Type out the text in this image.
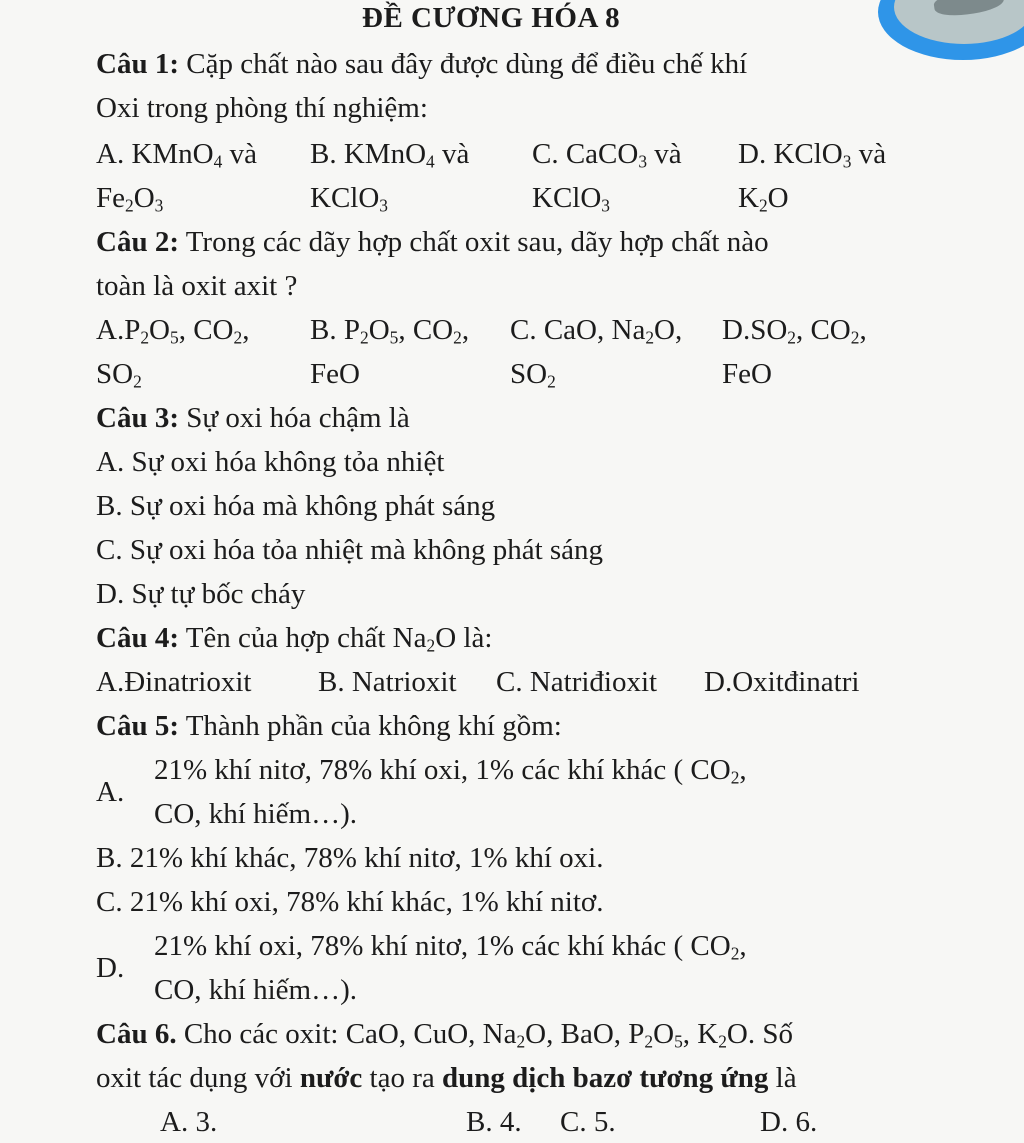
ĐỀ CƯƠNG HÓA 8
Câu 1: Cặp chất nào sau đây được dùng để điều chế khí
Oxi trong phòng thí nghiệm:
A. KMnO$_4$ và B. KMnO$_4$ và C. CaCO$_3$ và D. KClO$_3$ và
$Fe_2O_3$	KClO$_3$	KClO$_3$	$K_2O$
Câu 2: Trong các dãy hợp chất oxit sau, dãy hợp chất nào
toàn là oxit axit ?
$A.P_2O_5$, $CO_2$, B. $P_2O_5$, $CO_2$, C. CaO, $Na_2O$, $D.SO_2$, $CO_2$,
$SO_2$	FeO	$SO_2$	FeO
Câu 3: Sự oxi hóa chậm là
A. Sự oxi hóa không tỏa nhiệt
B. Sự oxi hóa mà không phát sáng
C. Sự oxi hóa tỏa nhiệt mà không phát sáng
D. Sự tự bốc cháy
Câu 4: Tên của hợp chất $Na_2O$ là:
A.Đinatrioxit B. Natrioxit C. Natriđioxit D.Oxitđinatri
Câu 5: Thành phần của không khí gồm:
A.
21% khí nitơ, 78% khí oxi, 1% các khí khác ( $CO_2$,
CO, khí hiếm…).
B. 21% khí khác, 78% khí nitơ, 1% khí oxi.
C. 21% khí oxi, 78% khí khác, 1% khí nitơ.
D.
21% khí oxi, 78% khí nitơ, 1% các khí khác ( $CO_2$,
CO, khí hiếm…).
Câu 6. Cho các oxit: CaO, CuO, $Na_2O$, BaO, $P_2O_5$, $K_2O$. Số
oxit tác dụng với nước tạo ra dung dịch bazơ tương ứng là
A. 3.	B. 4. C. 5.	D. 6.
